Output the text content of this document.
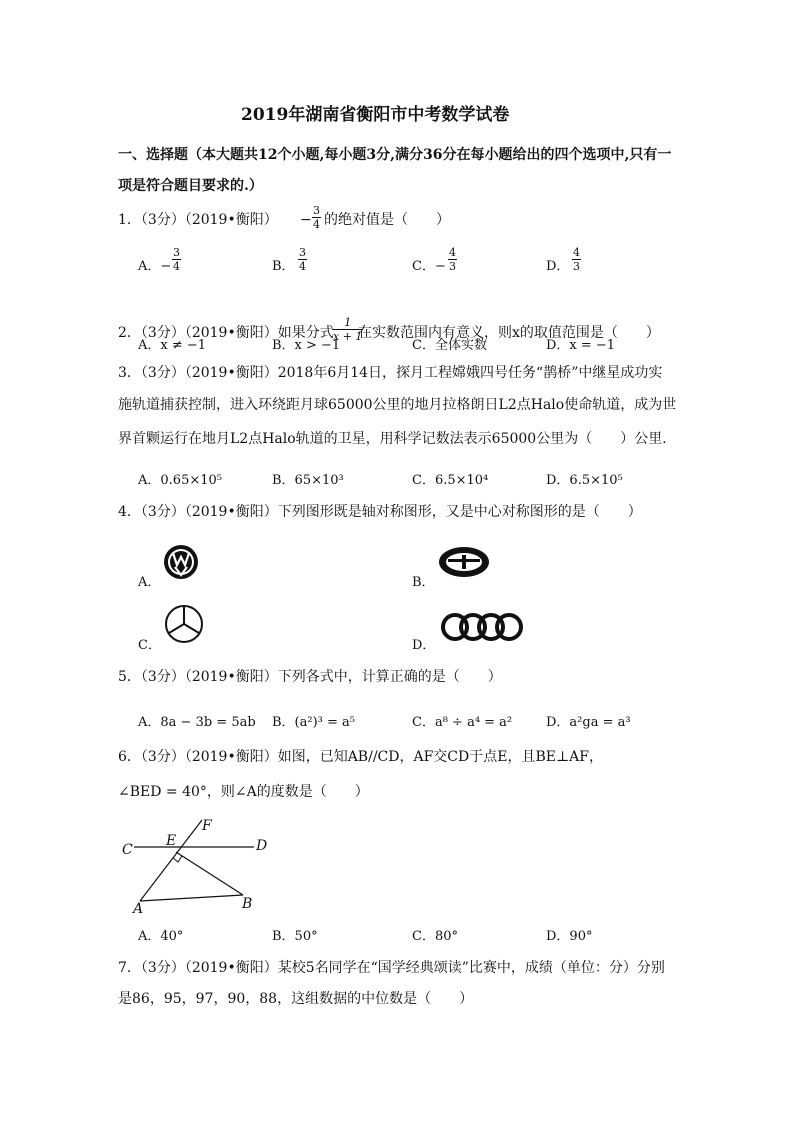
2019年湖南省衡阳市中考数学试卷
一、选择题（本大题共12个小题,每小题3分,满分36分在每小题给出的四个选项中,只有一
项是符合题目要求的.）
1．（3分）（2019•衡阳） − $\frac{3}{4}$ 的绝对值是（　　）
A．− $\frac{3}{4}$	B． $\frac{3}{4}$	C．− $\frac{4}{3}$	D． $\frac{4}{3}$
2．（3分）（2019•衡阳）如果分式
$\frac{1}{x + 1}$
在实数范围内有意义，则x的取值范围是（　　）
A．x ≠ −1	B．x > −1	C．全体实数	D．x = −1
3．（3分）（2019•衡阳）2018年6月14日，探月工程嫦娥四号任务“鹊桥”中继星成功实
施轨道捕获控制，进入环绕距月球65000公里的地月拉格朗日L2点Halo使命轨道，成为世
界首颗运行在地月L2点Halo轨道的卫星，用科学记数法表示65000公里为（　　）公里．
A．0.65×10⁵	B．65×10³	C．6.5×10⁴	D．6.5×10⁵
4．（3分）（2019•衡阳）下列图形既是轴对称图形，又是中心对称图形的是（　　）
A．	B．
C．	D．
5．（3分）（2019•衡阳）下列各式中，计算正确的是（　　）
A．8a − 3b = 5ab B．(a²)³ = a⁵	C．a⁸ ÷ a⁴ = a²	D．a²ga = a³
6．（3分）（2019•衡阳）如图，已知AB//CD，AF交CD于点E，且BE⊥AF，
∠BED = 40°，则∠A的度数是（　　）
C
E
F
D
A	B
A．40°	B．50°	C．80°	D．90°
7．（3分）（2019•衡阳）某校5名同学在“国学经典颂读”比赛中，成绩（单位：分）分别
是86，95，97，90，88，这组数据的中位数是（　　）
